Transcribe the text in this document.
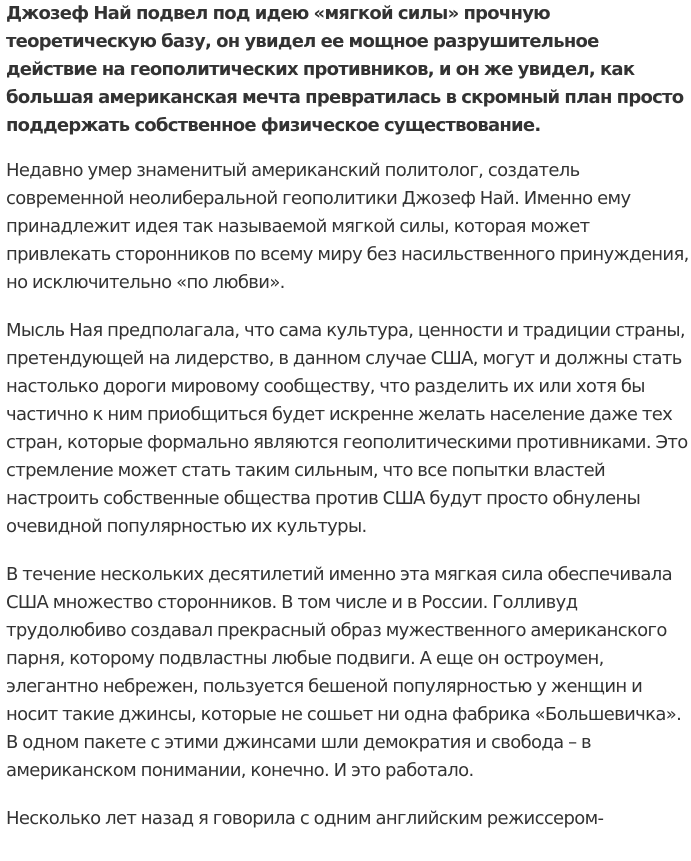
Джозеф Най подвел под идею «мягкой силы» прочную теоретическую базу, он увидел ее мощное разрушительное действие на геополитических противников, и он же увидел, как большая американская мечта превратилась в скромный план просто поддержать собственное физическое существование.

Недавно умер знаменитый американский политолог, создатель современной неолиберальной геополитики Джозеф Най. Именно ему принадлежит идея так называемой мягкой силы, которая может привлекать сторонников по всему миру без насильственного принуждения, но исключительно «по любви».

Мысль Ная предполагала, что сама культура, ценности и традиции страны, претендующей на лидерство, в данном случае США, могут и должны стать настолько дороги мировому сообществу, что разделить их или хотя бы частично к ним приобщиться будет искренне желать население даже тех стран, которые формально являются геополитическими противниками. Это стремление может стать таким сильным, что все попытки властей настроить собственные общества против США будут просто обнулены очевидной популярностью их культуры.

В течение нескольких десятилетий именно эта мягкая сила обеспечивала США множество сторонников. В том числе и в России. Голливуд трудолюбиво создавал прекрасный образ мужественного американского парня, которому подвластны любые подвиги. А еще он остроумен, элегантно небрежен, пользуется бешеной популярностью у женщин и носит такие джинсы, которые не сошьет ни одна фабрика «Большевичка». В одном пакете с этими джинсами шли демократия и свобода – в американском понимании, конечно. И это работало.

Несколько лет назад я говорила с одним английским режиссером-
